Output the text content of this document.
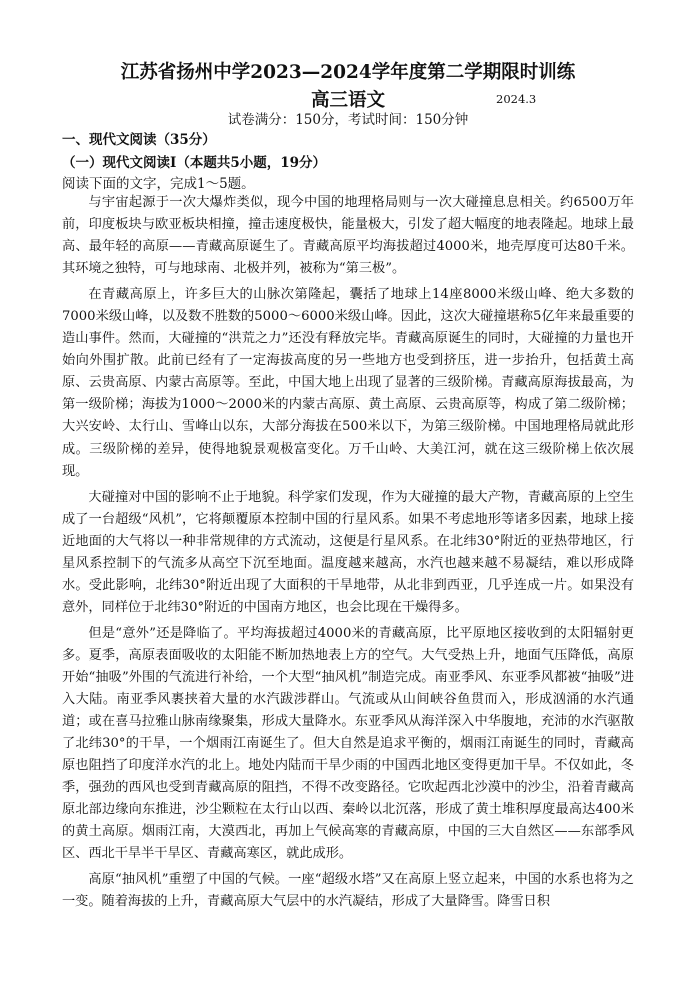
江苏省扬州中学2023—2024学年度第二学期限时训练
高三语文	2024.3
试卷满分：150分，考试时间：150分钟
一、现代文阅读（35分）
（一）现代文阅读Ⅰ（本题共5小题，19分）
阅读下面的文字，完成1～5题。

与宇宙起源于一次大爆炸类似，现今中国的地理格局则与一次大碰撞息息相关。约6500万年前，印度板块与欧亚板块相撞，撞击速度极快，能量极大，引发了超大幅度的地表隆起。地球上最高、最年轻的高原——青藏高原诞生了。青藏高原平均海拔超过4000米，地壳厚度可达80千米。其环境之独特，可与地球南、北极并列，被称为“第三极”。

在青藏高原上，许多巨大的山脉次第隆起，囊括了地球上14座8000米级山峰、绝大多数的7000米级山峰，以及数不胜数的5000～6000米级山峰。因此，这次大碰撞堪称5亿年来最重要的造山事件。然而，大碰撞的“洪荒之力”还没有释放完毕。青藏高原诞生的同时，大碰撞的力量也开始向外围扩散。此前已经有了一定海拔高度的另一些地方也受到挤压，进一步抬升，包括黄土高原、云贵高原、内蒙古高原等。至此，中国大地上出现了显著的三级阶梯。青藏高原海拔最高，为第一级阶梯；海拔为1000～2000米的内蒙古高原、黄土高原、云贵高原等，构成了第二级阶梯；大兴安岭、太行山、雪峰山以东，大部分海拔在500米以下，为第三级阶梯。中国地理格局就此形成。三级阶梯的差异，使得地貌景观极富变化。万千山岭、大美江河，就在这三级阶梯上依次展现。

大碰撞对中国的影响不止于地貌。科学家们发现，作为大碰撞的最大产物，青藏高原的上空生成了一台超级“风机”，它将颠覆原本控制中国的行星风系。如果不考虑地形等诸多因素，地球上接近地面的大气将以一种非常规律的方式流动，这便是行星风系。在北纬30°附近的亚热带地区，行星风系控制下的气流多从高空下沉至地面。温度越来越高，水汽也越来越不易凝结，难以形成降水。受此影响，北纬30°附近出现了大面积的干旱地带，从北非到西亚，几乎连成一片。如果没有意外，同样位于北纬30°附近的中国南方地区，也会比现在干燥得多。

但是“意外”还是降临了。平均海拔超过4000米的青藏高原，比平原地区接收到的太阳辐射更多。夏季，高原表面吸收的太阳能不断加热地表上方的空气。大气受热上升，地面气压降低，高原开始“抽吸”外围的气流进行补给，一个大型“抽风机”制造完成。南亚季风、东亚季风都被“抽吸”进入大陆。南亚季风裹挟着大量的水汽跋涉群山。气流或从山间峡谷鱼贯而入，形成汹涌的水汽通道；或在喜马拉雅山脉南缘聚集，形成大量降水。东亚季风从海洋深入中华腹地，充沛的水汽驱散了北纬30°的干旱，一个烟雨江南诞生了。但大自然是追求平衡的，烟雨江南诞生的同时，青藏高原也阻挡了印度洋水汽的北上。地处内陆而干旱少雨的中国西北地区变得更加干旱。不仅如此，冬季，强劲的西风也受到青藏高原的阻挡，不得不改变路径。它吹起西北沙漠中的沙尘，沿着青藏高原北部边缘向东推进，沙尘颗粒在太行山以西、秦岭以北沉落，形成了黄土堆积厚度最高达400米的黄土高原。烟雨江南，大漠西北，再加上气候高寒的青藏高原，中国的三大自然区——东部季风区、西北干旱半干旱区、青藏高寒区，就此成形。

高原“抽风机”重塑了中国的气候。一座“超级水塔”又在高原上竖立起来，中国的水系也将为之一变。随着海拔的上升，青藏高原大气层中的水汽凝结，形成了大量降雪。降雪日积
